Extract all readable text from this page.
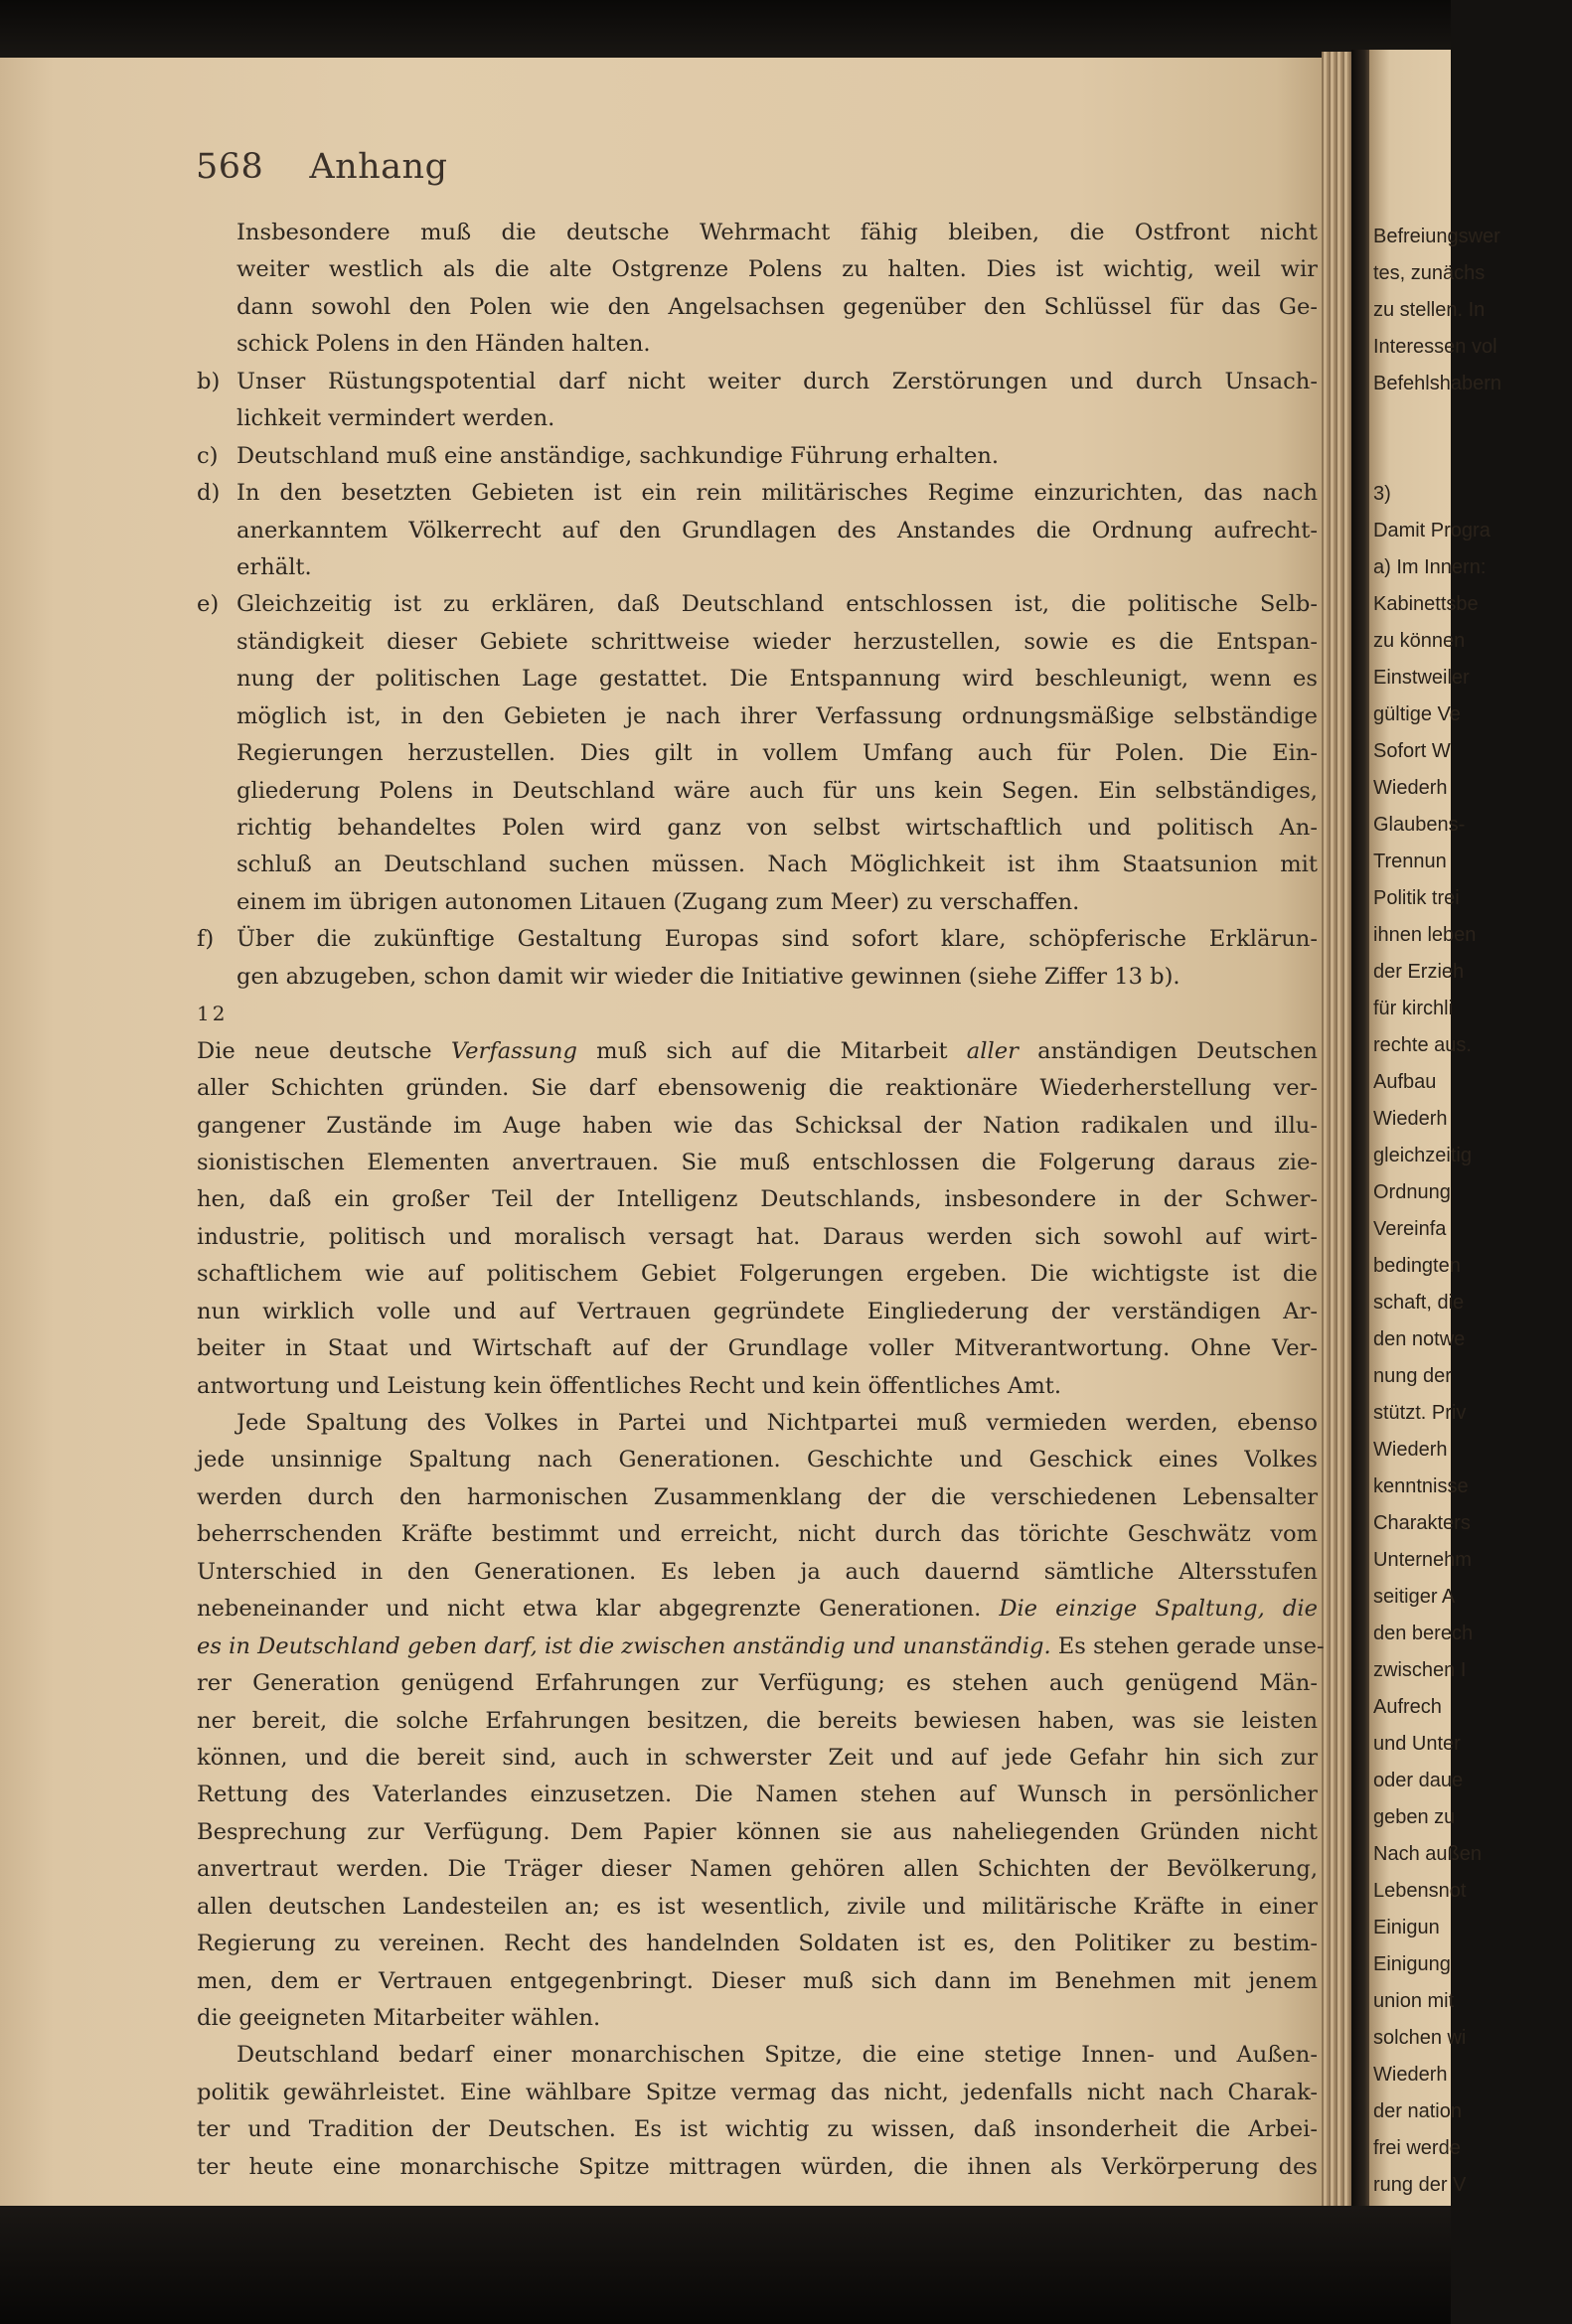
Befreiungswer
tes, zunächs
zu stellen. In
Interessen vol
Befehlshabern
3)
Damit Progra
a) Im Innern:
Kabinettsbe
zu können
Einstweiler
gültige Ve
Sofort W
Wiederh
Glaubens-
Trennun
Politik trei
ihnen leben
der Erzieh
für kirchli
rechte aus.
Aufbau
Wiederh
gleichzeitig
Ordnung
Vereinfa
bedingten
schaft, die
den notwe
nung der
stützt. Priv
Wiederh
kenntnisse
Charakters
Unternehm
seitiger A
den berech
zwischen I
Aufrech
und Unter
oder daue
geben zu
Nach außen
Lebensnot
Einigun
Einigung
union mit
solchen wi
Wiederh
der nation
frei werde
rung der V
568 Anhang
Insbesondere muß die deutsche Wehrmacht fähig bleiben, die Ostfront nicht
weiter westlich als die alte Ostgrenze Polens zu halten. Dies ist wichtig, weil wir
dann sowohl den Polen wie den Angelsachsen gegenüber den Schlüssel für das Ge-
schick Polens in den Händen halten.
b) Unser Rüstungspotential darf nicht weiter durch Zerstörungen und durch Unsach-
lichkeit vermindert werden.
c) Deutschland muß eine anständige, sachkundige Führung erhalten.
d) In den besetzten Gebieten ist ein rein militärisches Regime einzurichten, das nach
anerkanntem Völkerrecht auf den Grundlagen des Anstandes die Ordnung aufrecht-
erhält.
e) Gleichzeitig ist zu erklären, daß Deutschland entschlossen ist, die politische Selb-
ständigkeit dieser Gebiete schrittweise wieder herzustellen, sowie es die Entspan-
nung der politischen Lage gestattet. Die Entspannung wird beschleunigt, wenn es
möglich ist, in den Gebieten je nach ihrer Verfassung ordnungsmäßige selbständige
Regierungen herzustellen. Dies gilt in vollem Umfang auch für Polen. Die Ein-
gliederung Polens in Deutschland wäre auch für uns kein Segen. Ein selbständiges,
richtig behandeltes Polen wird ganz von selbst wirtschaftlich und politisch An-
schluß an Deutschland suchen müssen. Nach Möglichkeit ist ihm Staatsunion mit
einem im übrigen autonomen Litauen (Zugang zum Meer) zu verschaffen.
f)	Über die zukünftige Gestaltung Europas sind sofort klare, schöpferische Erklärun-
gen abzugeben, schon damit wir wieder die Initiative gewinnen (siehe Ziffer 13 b).
12
Die neue deutsche Verfassung muß sich auf die Mitarbeit aller anständigen Deutschen
aller Schichten gründen. Sie darf ebensowenig die reaktionäre Wiederherstellung ver-
gangener Zustände im Auge haben wie das Schicksal der Nation radikalen und illu-
sionistischen Elementen anvertrauen. Sie muß entschlossen die Folgerung daraus zie-
hen, daß ein großer Teil der Intelligenz Deutschlands, insbesondere in der Schwer-
industrie, politisch und moralisch versagt hat. Daraus werden sich sowohl auf wirt-
schaftlichem wie auf politischem Gebiet Folgerungen ergeben. Die wichtigste ist die
nun wirklich volle und auf Vertrauen gegründete Eingliederung der verständigen Ar-
beiter in Staat und Wirtschaft auf der Grundlage voller Mitverantwortung. Ohne Ver-
antwortung und Leistung kein öffentliches Recht und kein öffentliches Amt.
Jede Spaltung des Volkes in Partei und Nichtpartei muß vermieden werden, ebenso
jede unsinnige Spaltung nach Generationen. Geschichte und Geschick eines Volkes
werden durch den harmonischen Zusammenklang der die verschiedenen Lebensalter
beherrschenden Kräfte bestimmt und erreicht, nicht durch das törichte Geschwätz vom
Unterschied in den Generationen. Es leben ja auch dauernd sämtliche Altersstufen
nebeneinander und nicht etwa klar abgegrenzte Generationen. Die einzige Spaltung, die
es in Deutschland geben darf, ist die zwischen anständig und unanständig. Es stehen gerade unse-
rer Generation genügend Erfahrungen zur Verfügung; es stehen auch genügend Män-
ner bereit, die solche Erfahrungen besitzen, die bereits bewiesen haben, was sie leisten
können, und die bereit sind, auch in schwerster Zeit und auf jede Gefahr hin sich zur
Rettung des Vaterlandes einzusetzen. Die Namen stehen auf Wunsch in persönlicher
Besprechung zur Verfügung. Dem Papier können sie aus naheliegenden Gründen nicht
anvertraut werden. Die Träger dieser Namen gehören allen Schichten der Bevölkerung,
allen deutschen Landesteilen an; es ist wesentlich, zivile und militärische Kräfte in einer
Regierung zu vereinen. Recht des handelnden Soldaten ist es, den Politiker zu bestim-
men, dem er Vertrauen entgegenbringt. Dieser muß sich dann im Benehmen mit jenem
die geeigneten Mitarbeiter wählen.
Deutschland bedarf einer monarchischen Spitze, die eine stetige Innen- und Außen-
politik gewährleistet. Eine wählbare Spitze vermag das nicht, jedenfalls nicht nach Charak-
ter und Tradition der Deutschen. Es ist wichtig zu wissen, daß insonderheit die Arbei-
ter heute eine monarchische Spitze mittragen würden, die ihnen als Verkörperung des
